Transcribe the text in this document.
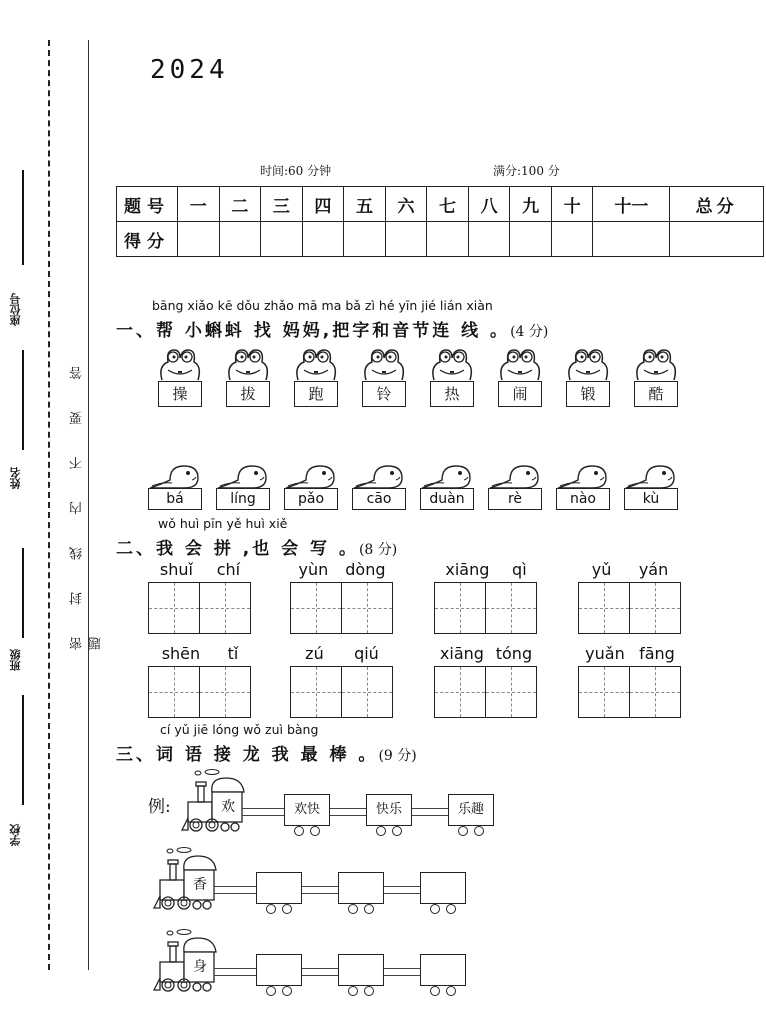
座位号
姓名
班级
学校
密 封 线 内 不 要 答 题
2024
时间:60 分钟	满分:100 分
题号	一	二	三	四	五	六	七	八	九	十	十一	总分
得分												
bāng xiǎo kē dǒu zhǎo mā ma bǎ zì hé yīn jié lián xiàn
一、帮 小蝌蚪 找 妈妈,把字和音节连 线 。(4 分)
操	拔	跑	铃	热	闹	锻	酷
bá	líng	pǎo	cāo	duàn	rè	nào	kù
wǒ huì pīn yě huì xiě
二、我 会 拼 ,也 会 写 。(8 分)
shuǐ chí	yùn dòng	xiāng qì	yǔ yán
shēn tǐ	zú qiú	xiāng tóng	yuǎn fāng
cí yǔ jiē lóng wǒ zuì bàng
三、词 语 接 龙 我 最 棒 。(9 分)
例:	欢	欢快	快乐	乐趣
香
身
